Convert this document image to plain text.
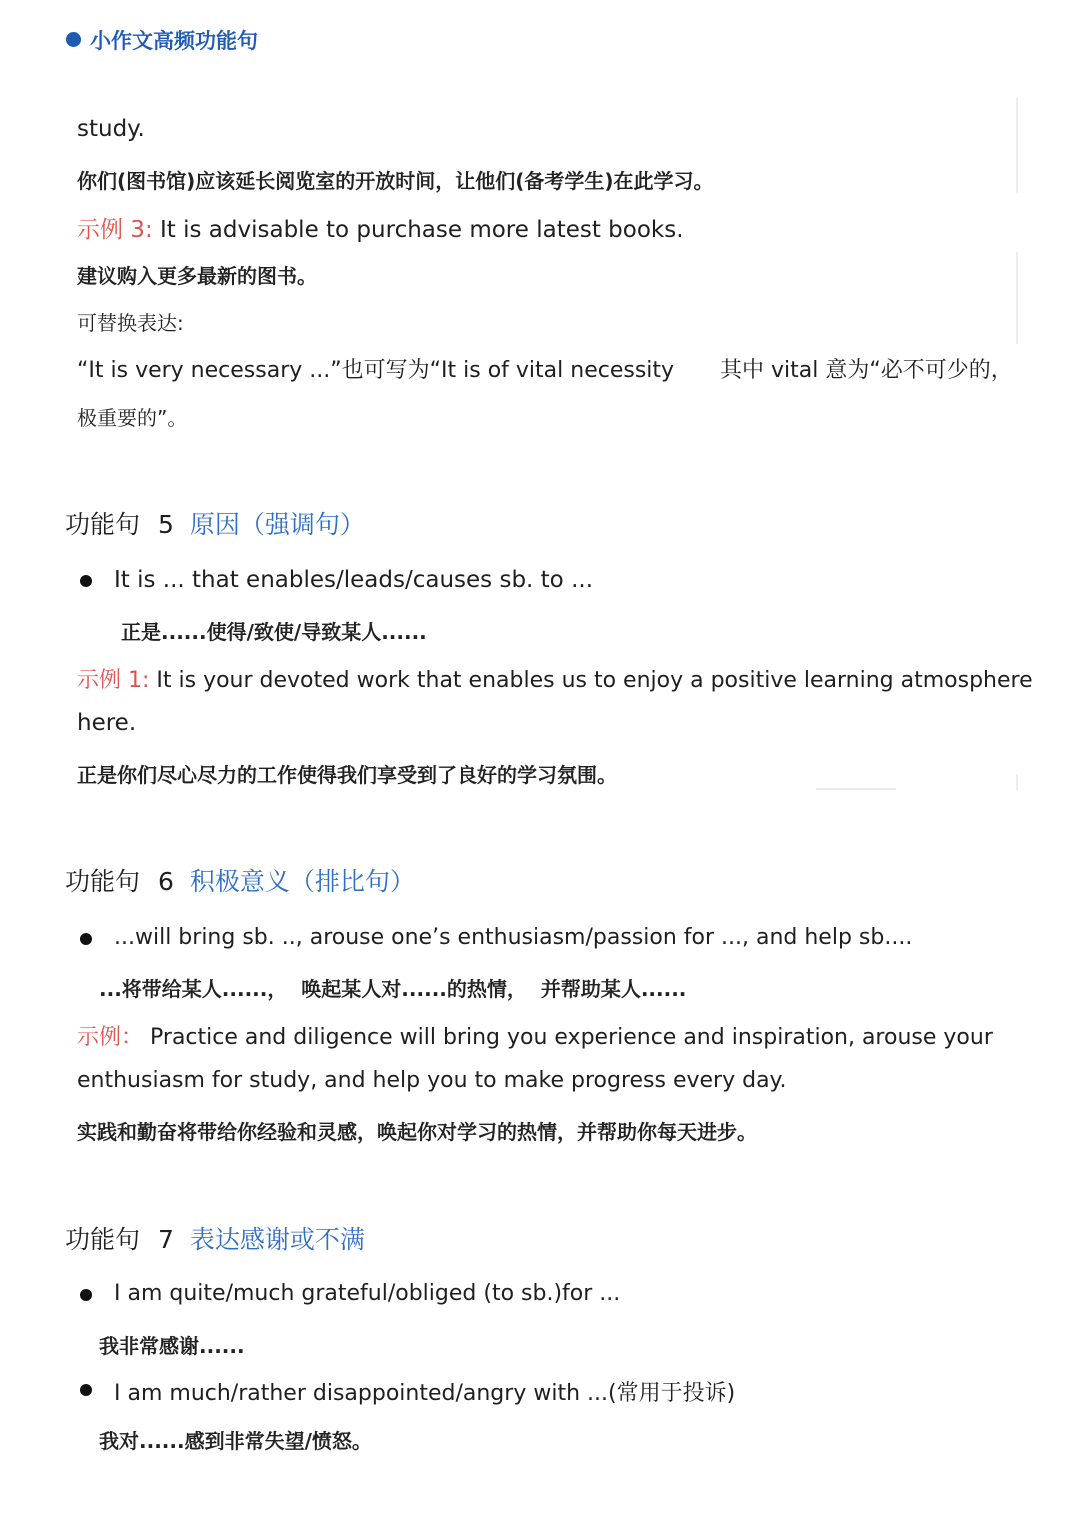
小作文高频功能句
study.
你们(图书馆)应该延长阅览室的开放时间，让他们(备考学生)在此学习。
示例 3: It is advisable to purchase more latest books.
建议购入更多最新的图书。
可替换表达:
“It is very necessary ...”也可写为“It is of vital necessity 其中 vital 意为“必不可少的，
极重要的”。
功能句 5 原因（强调句）
It is ... that enables/leads/causes sb. to ...
正是......使得/致使/导致某人......
示例 1: It is your devoted work that enables us to enjoy a positive learning atmosphere
here.
正是你们尽心尽力的工作使得我们享受到了良好的学习氛围。
功能句 6 积极意义（排比句）
...will bring sb. .., arouse one’s enthusiasm/passion for ..., and help sb....
...将带给某人......，  唤起某人对......的热情，  并帮助某人......
示例： Practice and diligence will bring you experience and inspiration, arouse your
enthusiasm for study, and help you to make progress every day.
实践和勤奋将带给你经验和灵感，唤起你对学习的热情，并帮助你每天进步。
功能句 7 表达感谢或不满
I am quite/much grateful/obliged (to sb.)for ...
我非常感谢......
I am much/rather disappointed/angry with ...(常用于投诉)
我对......感到非常失望/愤怒。
